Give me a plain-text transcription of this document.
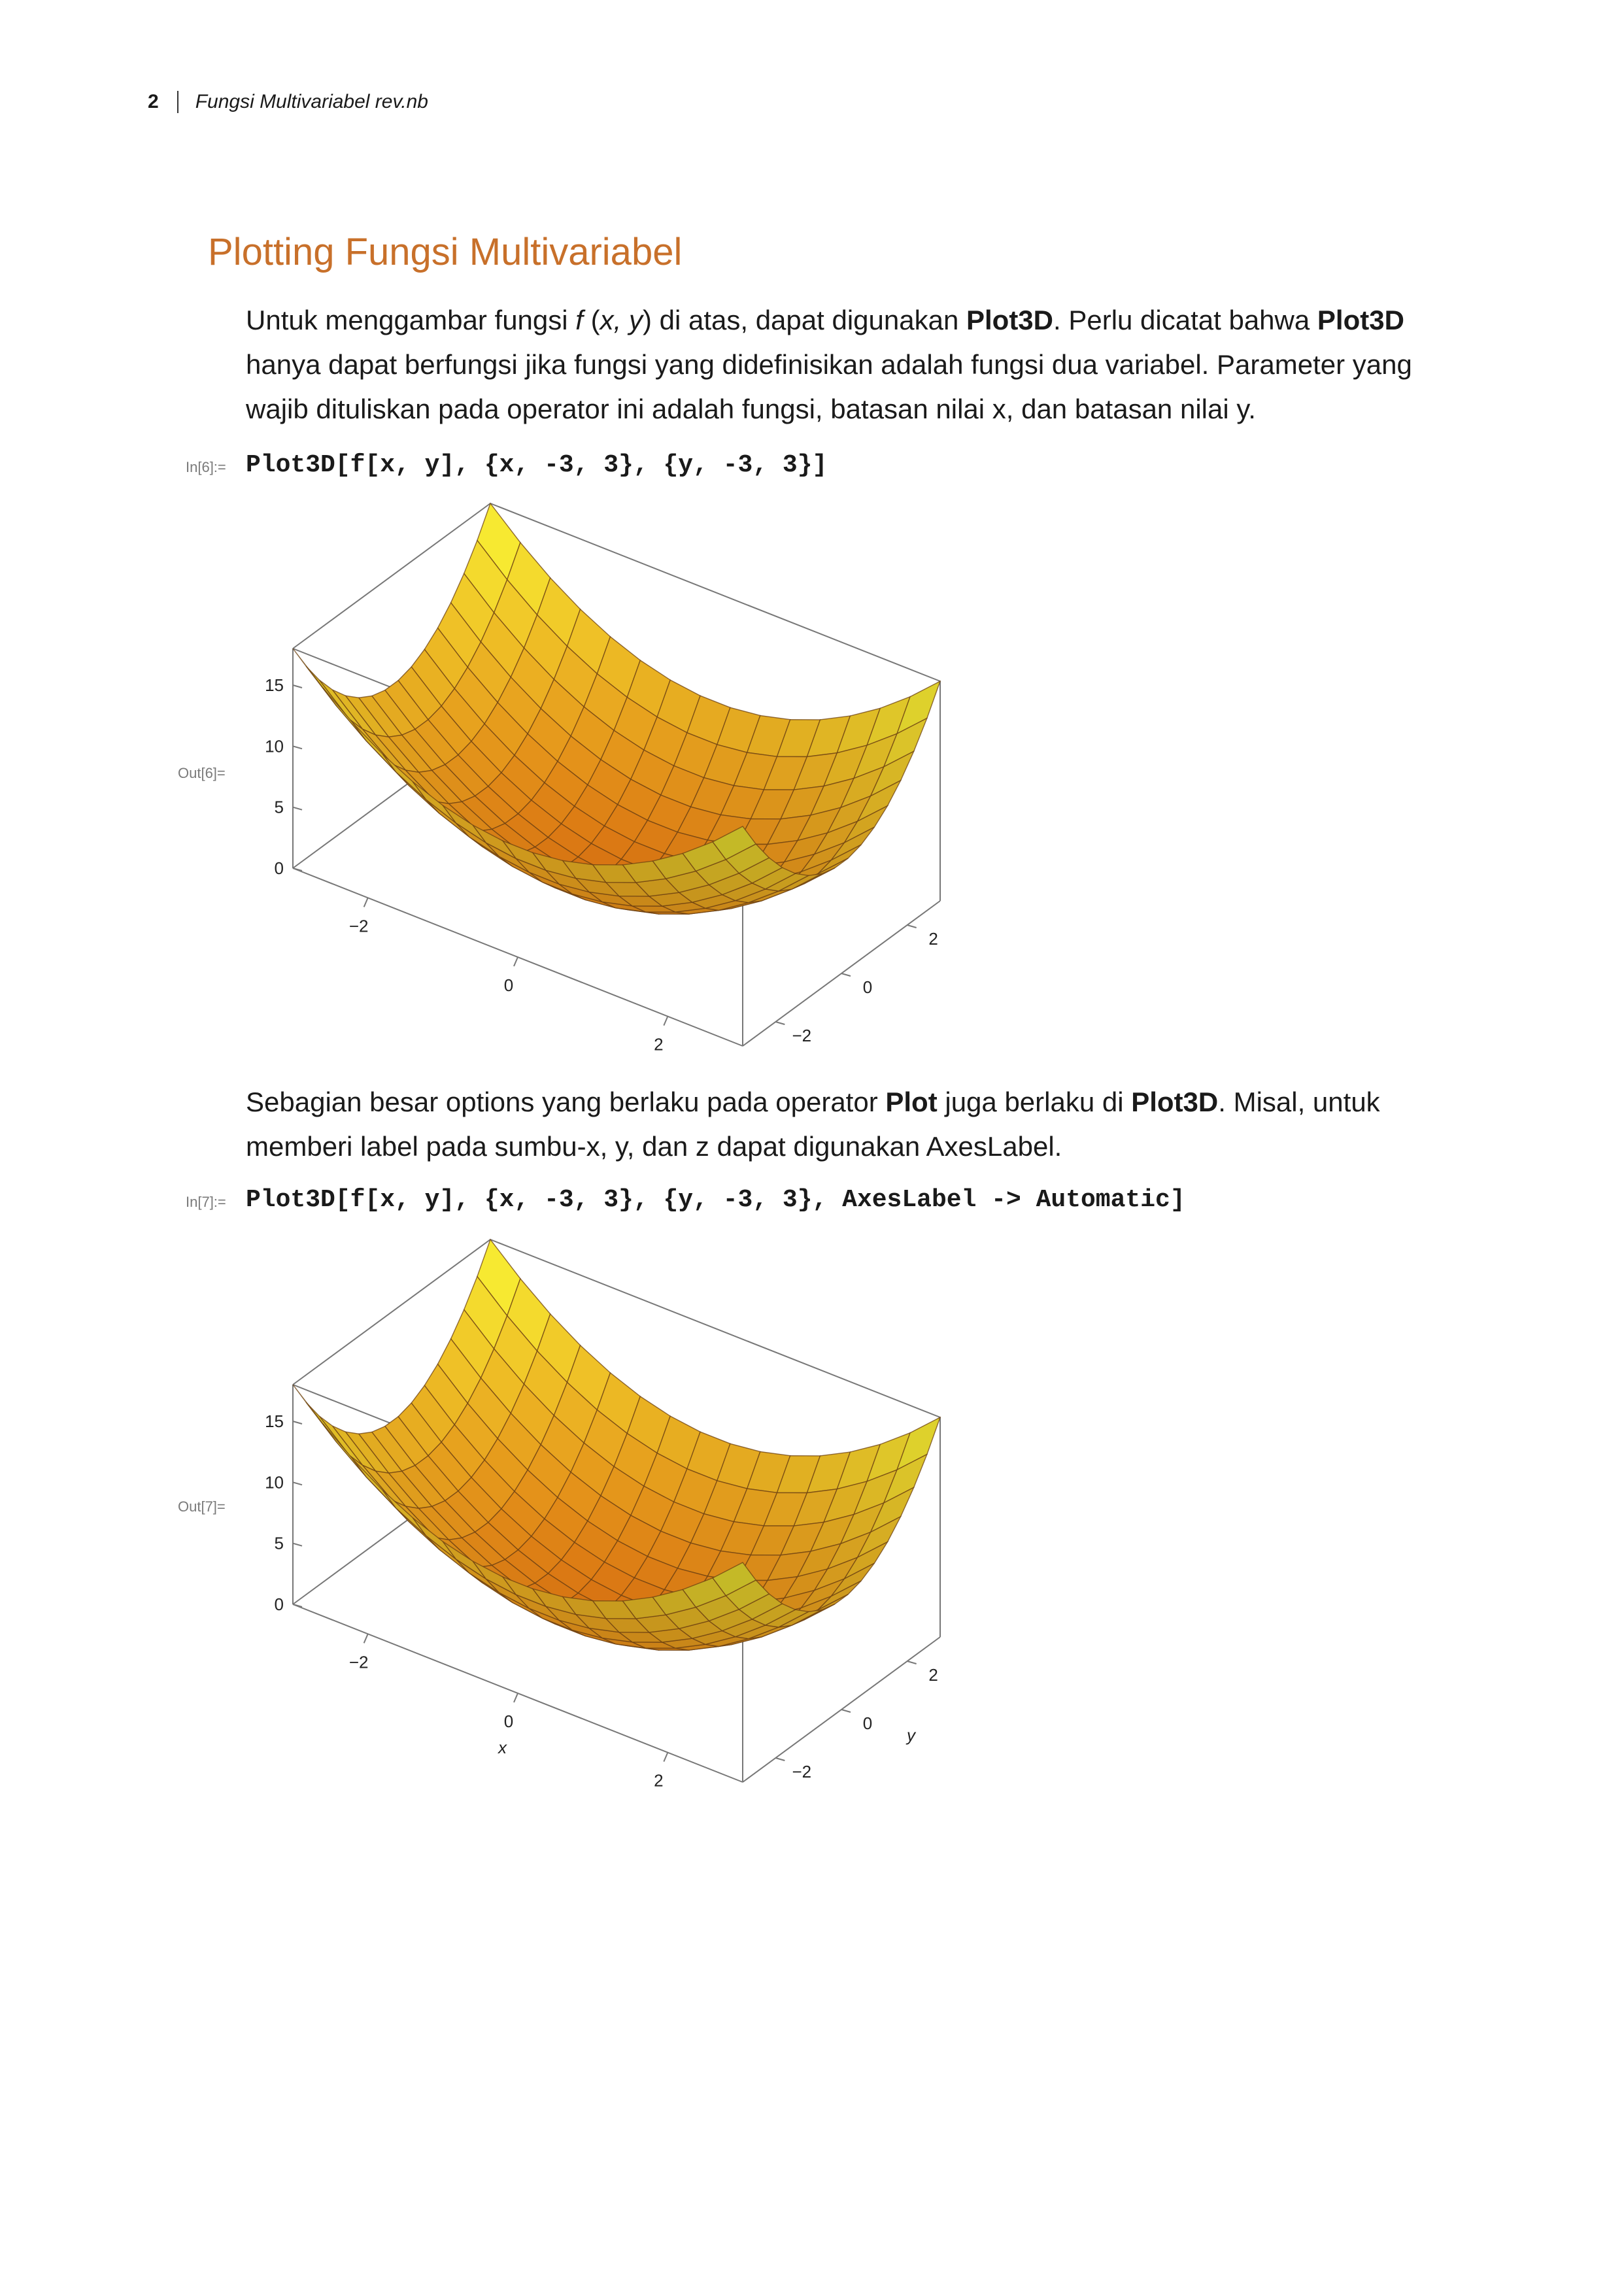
2 Fungsi Multivariabel rev.nb
Plotting Fungsi Multivariabel

Untuk menggambar fungsi f (x, y) di atas, dapat digunakan Plot3D. Perlu dicatat bahwa Plot3D hanya dapat berfungsi jika fungsi yang didefinisikan adalah fungsi dua variabel. Parameter yang wajib dituliskan pada operator ini adalah fungsi, batasan nilai x, dan batasan nilai y.

In[6]:= Plot3D[f[x, y], {x, -3, 3}, {y, -3, 3}]
Out[6]=
15
10
5
0
−2
0
2
2
0
−2

Sebagian besar options yang berlaku pada operator Plot juga berlaku di Plot3D. Misal, untuk memberi label pada sumbu-x, y, dan z dapat digunakan AxesLabel.

In[7]:= Plot3D[f[x, y], {x, -3, 3}, {y, -3, 3}, AxesLabel -> Automatic]
Out[7]=
15
10
5
0
−2
0
2
2
0
−2
x
y
